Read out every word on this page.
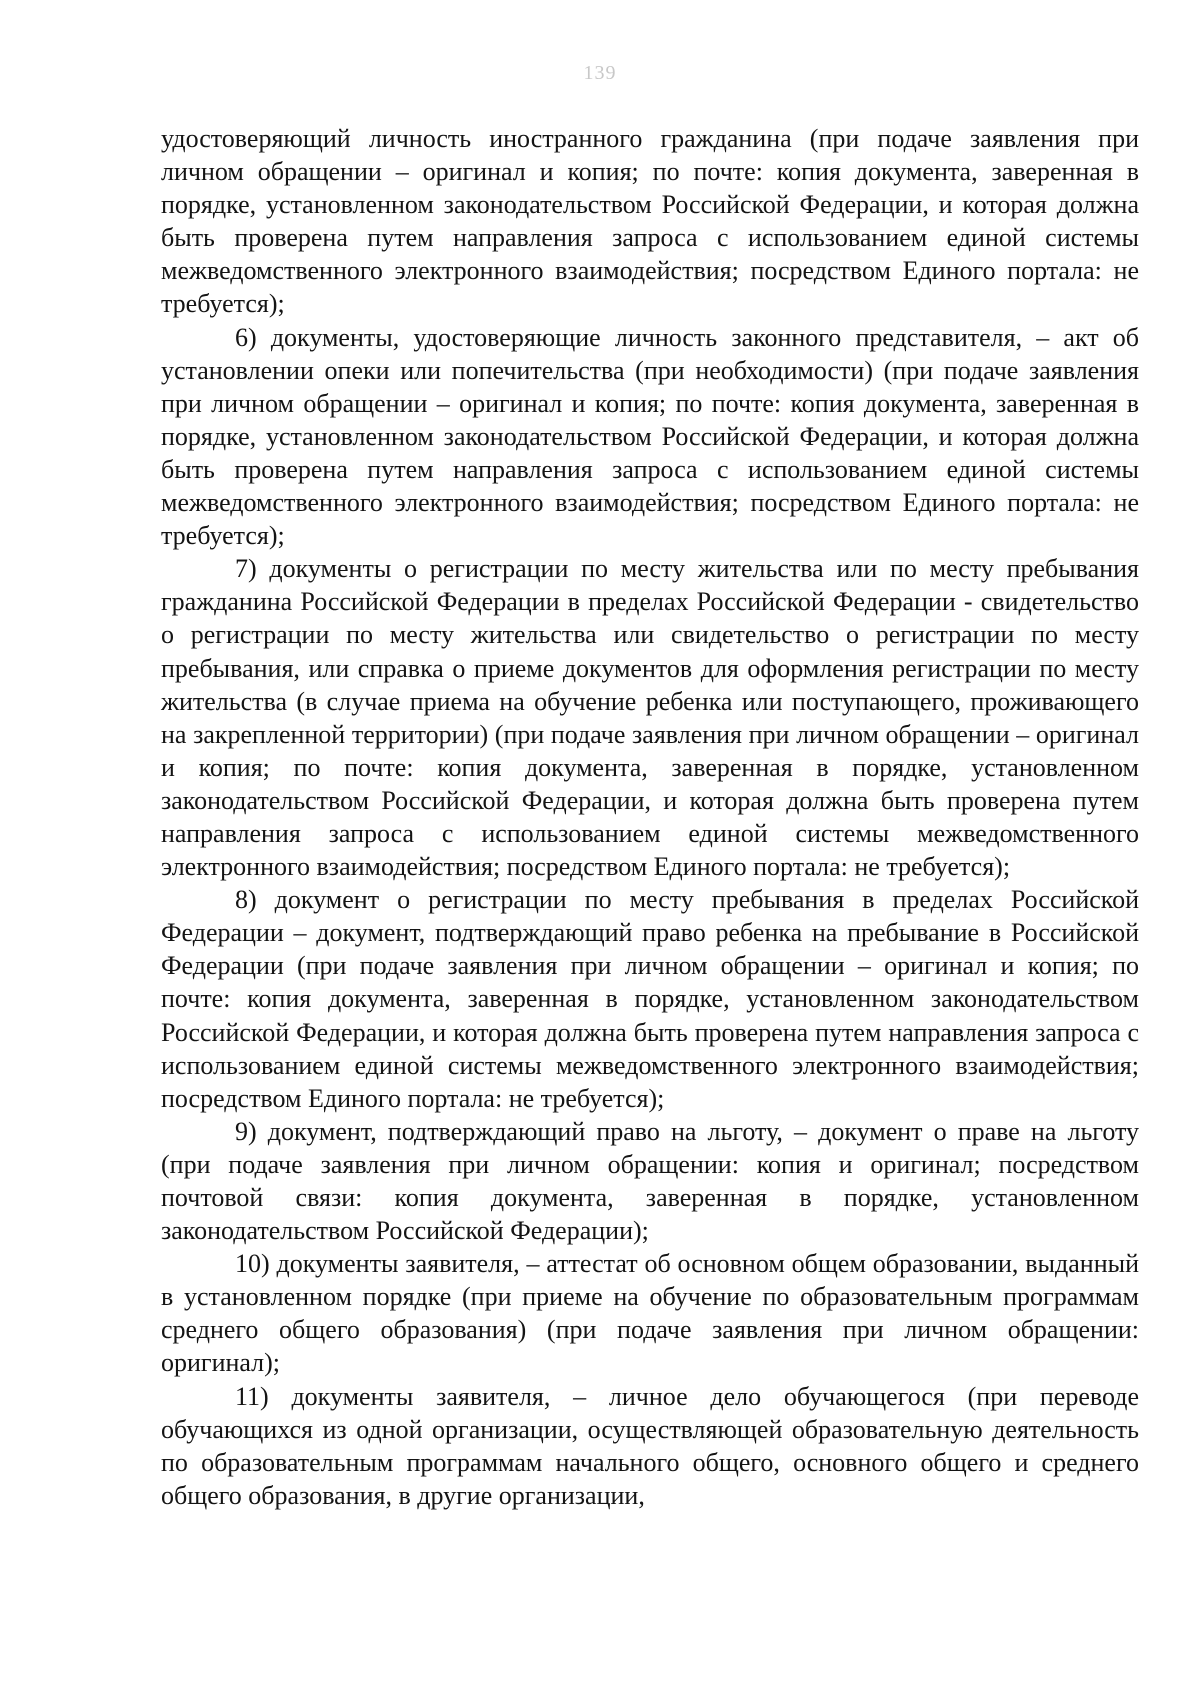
139

удостоверяющий личность иностранного гражданина (при подаче заявления при личном обращении – оригинал и копия; по почте: копия документа, заверенная в порядке, установленном законодательством Российской Федерации, и которая должна быть проверена путем направления запроса с использованием единой системы межведомственного электронного взаимодействия; посредством Единого портала: не требуется);

6) документы, удостоверяющие личность законного представителя, – акт об установлении опеки или попечительства (при необходимости) (при подаче заявления при личном обращении – оригинал и копия; по почте: копия документа, заверенная в порядке, установленном законодательством Российской Федерации, и которая должна быть проверена путем направления запроса с использованием единой системы межведомственного электронного взаимодействия; посредством Единого портала: не требуется);

7) документы о регистрации по месту жительства или по месту пребывания гражданина Российской Федерации в пределах Российской Федерации - свидетельство о регистрации по месту жительства или свидетельство о регистрации по месту пребывания, или справка о приеме документов для оформления регистрации по месту жительства (в случае приема на обучение ребенка или поступающего, проживающего на закрепленной территории) (при подаче заявления при личном обращении – оригинал и копия; по почте: копия документа, заверенная в порядке, установленном законодательством Российской Федерации, и которая должна быть проверена путем направления запроса с использованием единой системы межведомственного электронного взаимодействия; посредством Единого портала: не требуется);

8) документ о регистрации по месту пребывания в пределах Российской Федерации – документ, подтверждающий право ребенка на пребывание в Российской Федерации (при подаче заявления при личном обращении – оригинал и копия; по почте: копия документа, заверенная в порядке, установленном законодательством Российской Федерации, и которая должна быть проверена путем направления запроса с использованием единой системы межведомственного электронного взаимодействия; посредством Единого портала: не требуется);

9) документ, подтверждающий право на льготу, – документ о праве на льготу (при подаче заявления при личном обращении: копия и оригинал; посредством почтовой связи: копия документа, заверенная в порядке, установленном законодательством Российской Федерации);

10) документы заявителя, – аттестат об основном общем образовании, выданный в установленном порядке (при приеме на обучение по образовательным программам среднего общего образования) (при подаче заявления при личном обращении: оригинал);

11) документы заявителя, – личное дело обучающегося (при переводе обучающихся из одной организации, осуществляющей образовательную деятельность по образовательным программам начального общего, основного общего и среднего общего образования, в другие организации,
